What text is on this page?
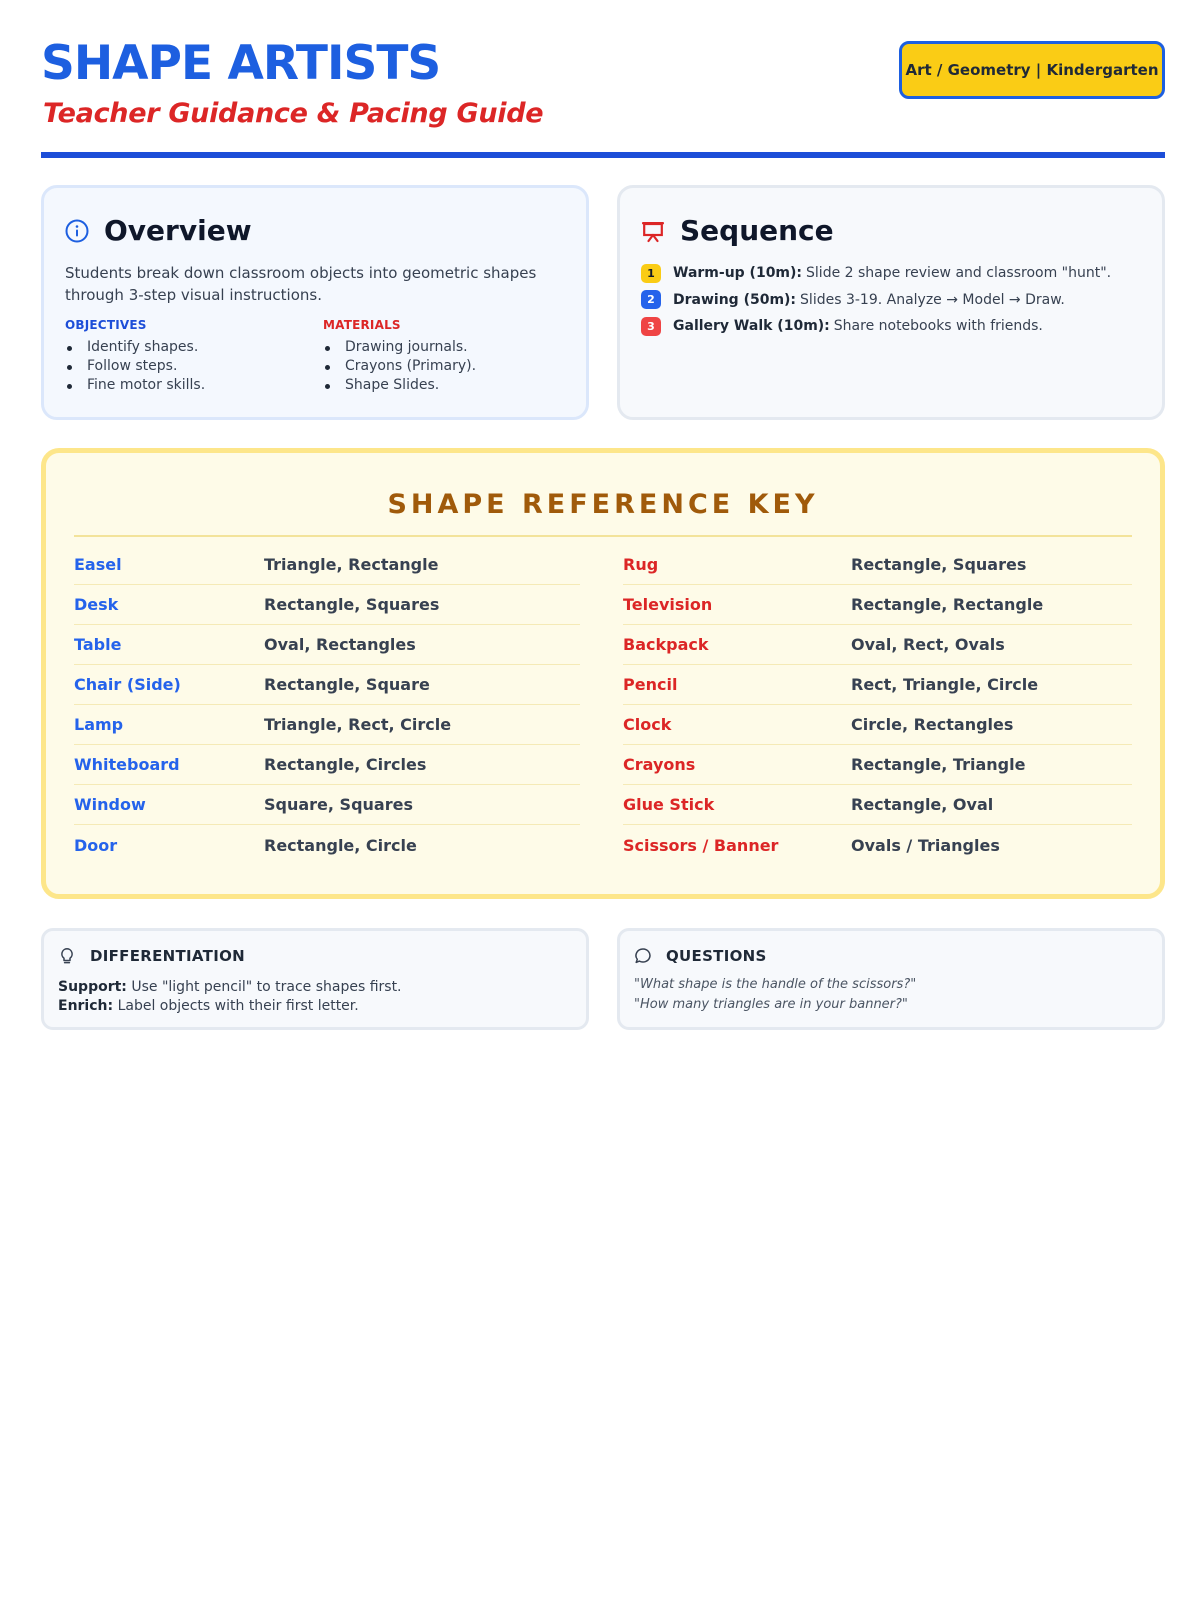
SHAPE ARTISTS
Teacher Guidance & Pacing Guide
Art / Geometry | Kindergarten
Overview

Students break down classroom objects into geometric shapes through 3-step visual instructions.

OBJECTIVES
Identify shapes.
Follow steps.
Fine motor skills.
MATERIALS
Drawing journals.
Crayons (Primary).
Shape Slides.
Sequence
1	Warm-up (10m): Slide 2 shape review and classroom "hunt".
2	Drawing (50m): Slides 3-19. Analyze → Model → Draw.
3	Gallery Walk (10m): Share notebooks with friends.
SHAPE REFERENCE KEY
Easel	Triangle, Rectangle
Desk	Rectangle, Squares
Table	Oval, Rectangles
Chair (Side)	Rectangle, Square
Lamp	Triangle, Rect, Circle
Whiteboard	Rectangle, Circles
Window	Square, Squares
Door	Rectangle, Circle
Rug	Rectangle, Squares
Television	Rectangle, Rectangle
Backpack	Oval, Rect, Ovals
Pencil	Rect, Triangle, Circle
Clock	Circle, Rectangles
Crayons	Rectangle, Triangle
Glue Stick	Rectangle, Oval
Scissors / Banner	Ovals / Triangles
DIFFERENTIATION
Support: Use "light pencil" to trace shapes first.
Enrich: Label objects with their first letter.
QUESTIONS
"What shape is the handle of the scissors?"
"How many triangles are in your banner?"
